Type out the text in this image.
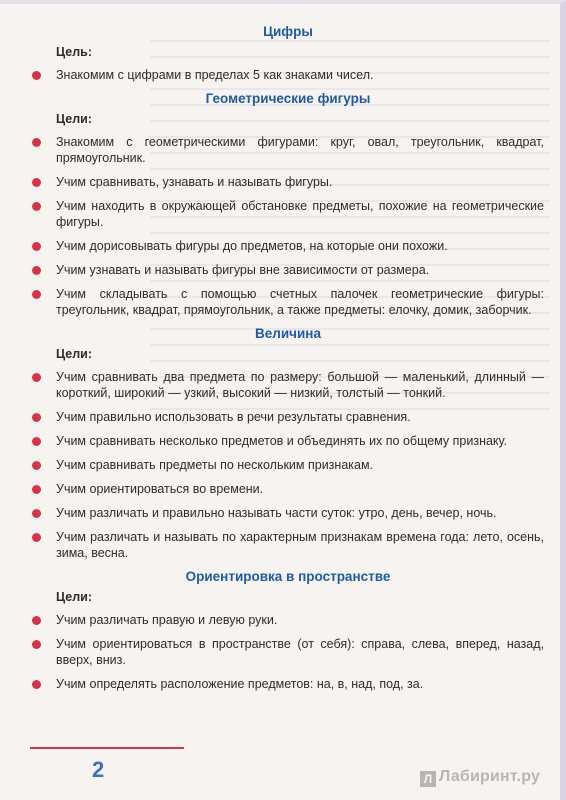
Цифры
Цель:
Знакомим с цифрами в пределах 5 как знаками чисел.
Геометрические фигуры
Цели:
Знакомим с геометрическими фигурами: круг, овал, треугольник, квадрат, прямоугольник.
Учим сравнивать, узнавать и называть фигуры.
Учим находить в окружающей обстановке предметы, похожие на геометрические фигуры.
Учим дорисовывать фигуры до предметов, на которые они похожи.
Учим узнавать и называть фигуры вне зависимости от размера.
Учим складывать с помощью счетных палочек геометрические фигуры: треугольник, квадрат, прямоугольник, а также предметы: елочку, домик, заборчик.
Величина
Цели:
Учим сравнивать два предмета по размеру: большой — маленький, длинный — короткий, широкий — узкий, высокий — низкий, толстый — тонкий.
Учим правильно использовать в речи результаты сравнения.
Учим сравнивать несколько предметов и объединять их по общему признаку.
Учим сравнивать предметы по нескольким признакам.
Учим ориентироваться во времени.
Учим различать и правильно называть части суток: утро, день, вечер, ночь.
Учим различать и называть по характерным признакам времена года: лето, осень, зима, весна.
Ориентировка в пространстве
Цели:
Учим различать правую и левую руки.
Учим ориентироваться в пространстве (от себя): справа, слева, вперед, назад, вверх, вниз.
Учим определять расположение предметов: на, в, над, под, за.
2	Л Лабиринт.ру
